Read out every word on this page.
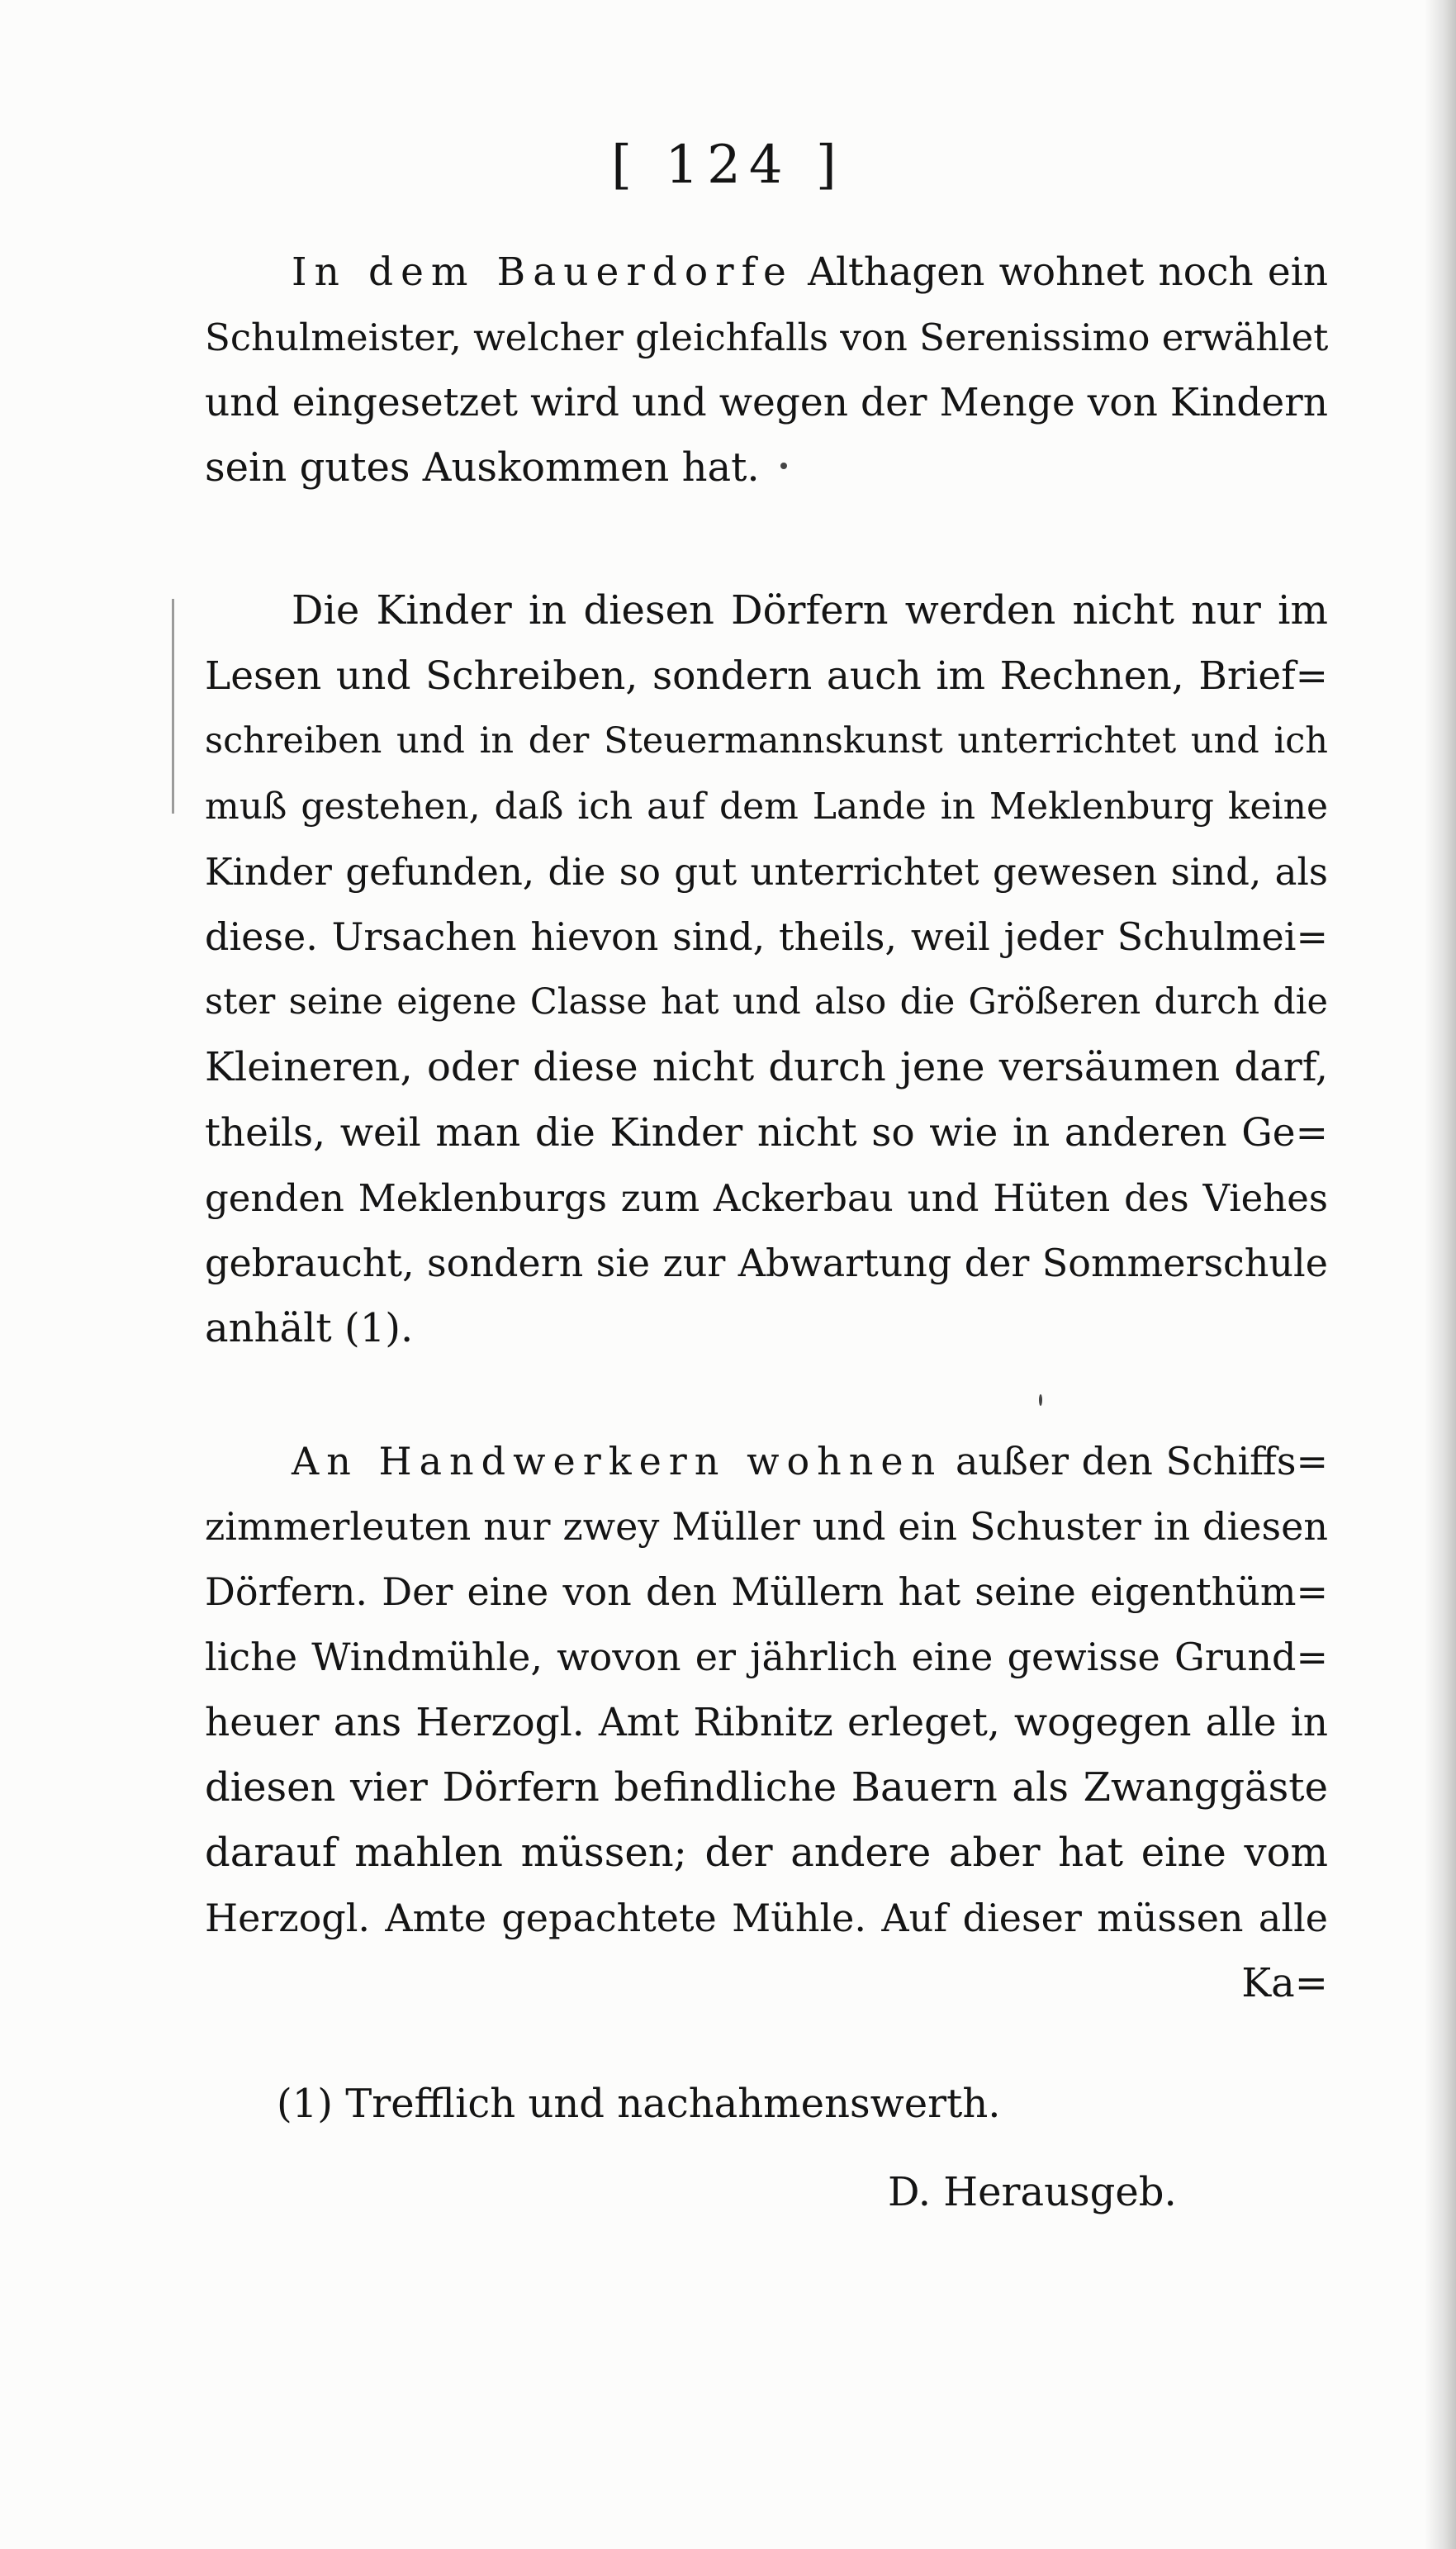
[ 124 ]
In dem Bauerdorfe Althagen wohnet noch ein
Schulmeister, welcher gleichfalls von Serenissimo erwählet
und eingesetzet wird und wegen der Menge von Kindern
sein gutes Auskommen hat.
Die Kinder in diesen Dörfern werden nicht nur im
Lesen und Schreiben, sondern auch im Rechnen, Brief=
schreiben und in der Steuermannskunst unterrichtet und ich
muß gestehen, daß ich auf dem Lande in Meklenburg keine
Kinder gefunden, die so gut unterrichtet gewesen sind, als
diese. Ursachen hievon sind, theils, weil jeder Schulmei=
ster seine eigene Classe hat und also die Größeren durch die
Kleineren, oder diese nicht durch jene versäumen darf,
theils, weil man die Kinder nicht so wie in anderen Ge=
genden Meklenburgs zum Ackerbau und Hüten des Viehes
gebraucht, sondern sie zur Abwartung der Sommerschule
anhält (1).
An Handwerkern wohnen außer den Schiffs=
zimmerleuten nur zwey Müller und ein Schuster in diesen
Dörfern. Der eine von den Müllern hat seine eigenthüm=
liche Windmühle, wovon er jährlich eine gewisse Grund=
heuer ans Herzogl. Amt Ribnitz erleget, wogegen alle in
diesen vier Dörfern befindliche Bauern als Zwanggäste
darauf mahlen müssen; der andere aber hat eine vom
Herzogl. Amte gepachtete Mühle. Auf dieser müssen alle
Ka=
(1) Trefflich und nachahmenswerth.
D. Herausgeb.
